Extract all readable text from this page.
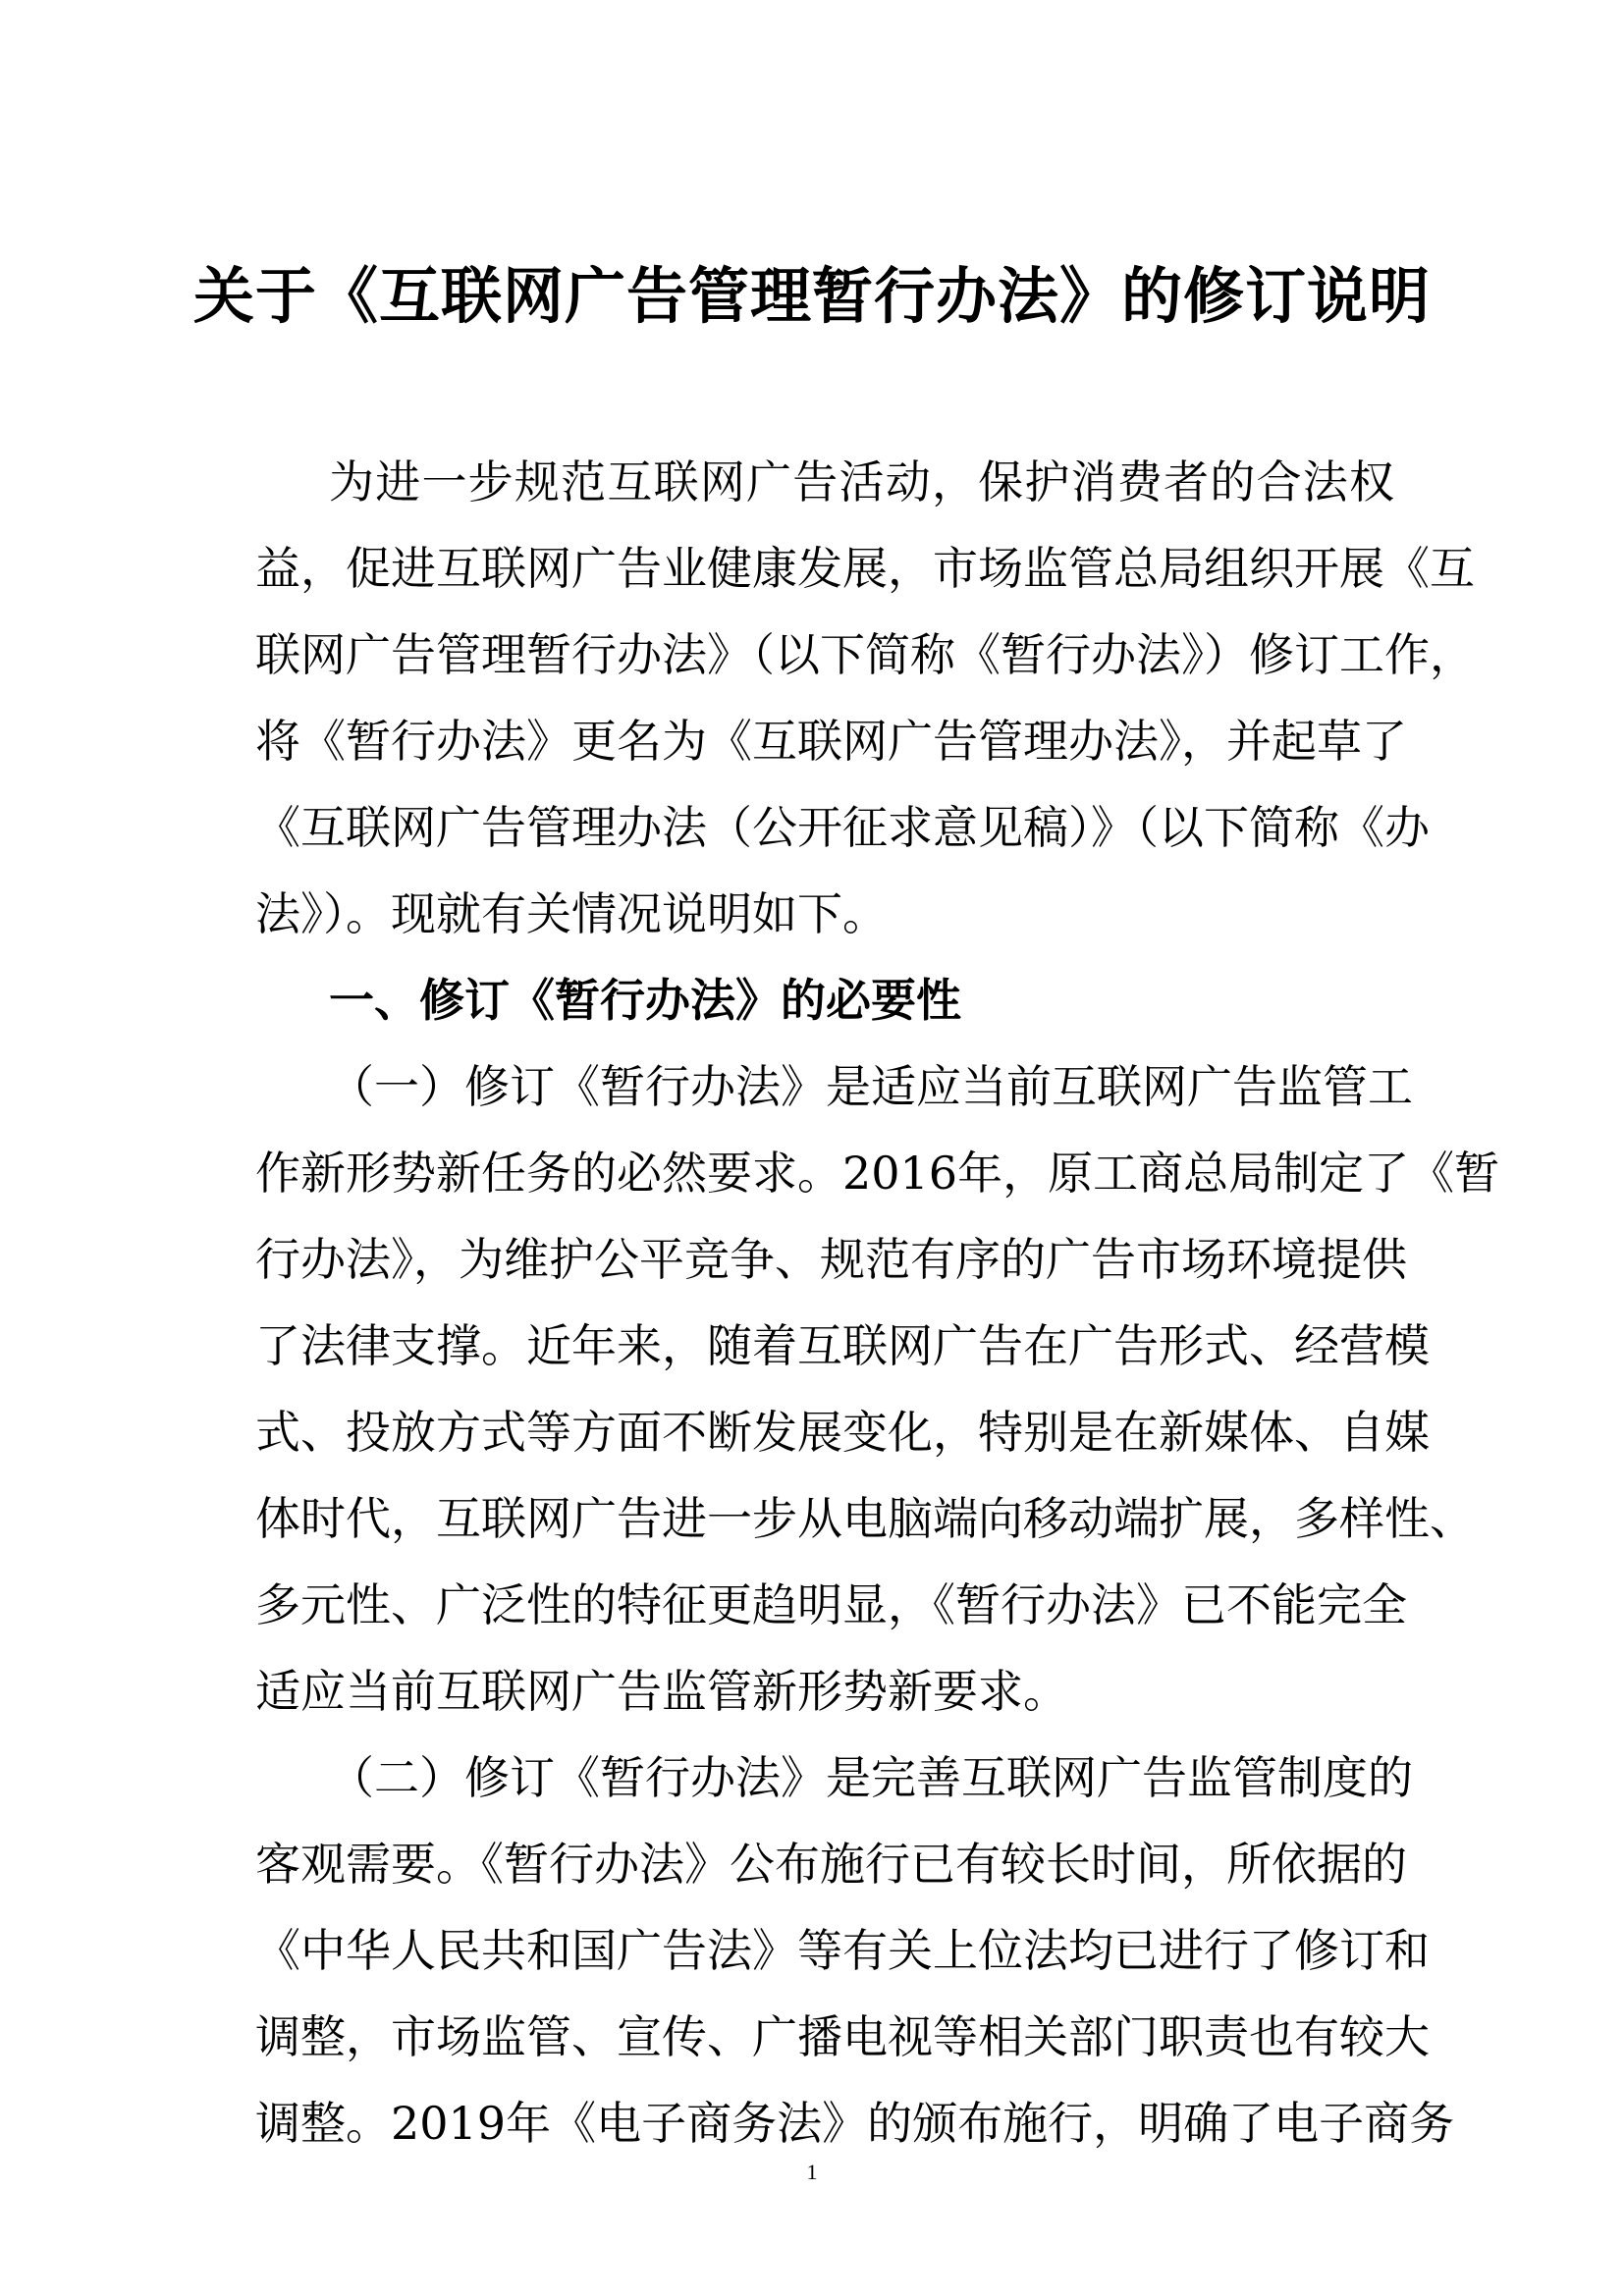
关于《互联网广告管理暂行办法》的修订说明
为进一步规范互联网广告活动，保护消费者的合法权
益，促进互联网广告业健康发展，市场监管总局组织开展《互
联网广告管理暂行办法》（以下简称《暂行办法》）修订工作，
将《暂行办法》更名为《互联网广告管理办法》，并起草了
《互联网广告管理办法（公开征求意见稿）》（以下简称《办
法》）。现就有关情况说明如下。
一、修订《暂行办法》的必要性
（一）修订《暂行办法》是适应当前互联网广告监管工
作新形势新任务的必然要求。2016年，原工商总局制定了《暂
行办法》，为维护公平竞争、规范有序的广告市场环境提供
了法律支撑。近年来，随着互联网广告在广告形式、经营模
式、投放方式等方面不断发展变化，特别是在新媒体、自媒
体时代，互联网广告进一步从电脑端向移动端扩展，多样性、
多元性、广泛性的特征更趋明显，《暂行办法》已不能完全
适应当前互联网广告监管新形势新要求。
（二）修订《暂行办法》是完善互联网广告监管制度的
客观需要。《暂行办法》公布施行已有较长时间，所依据的
《中华人民共和国广告法》等有关上位法均已进行了修订和
调整，市场监管、宣传、广播电视等相关部门职责也有较大
调整。2019年《电子商务法》的颁布施行，明确了电子商务
1
